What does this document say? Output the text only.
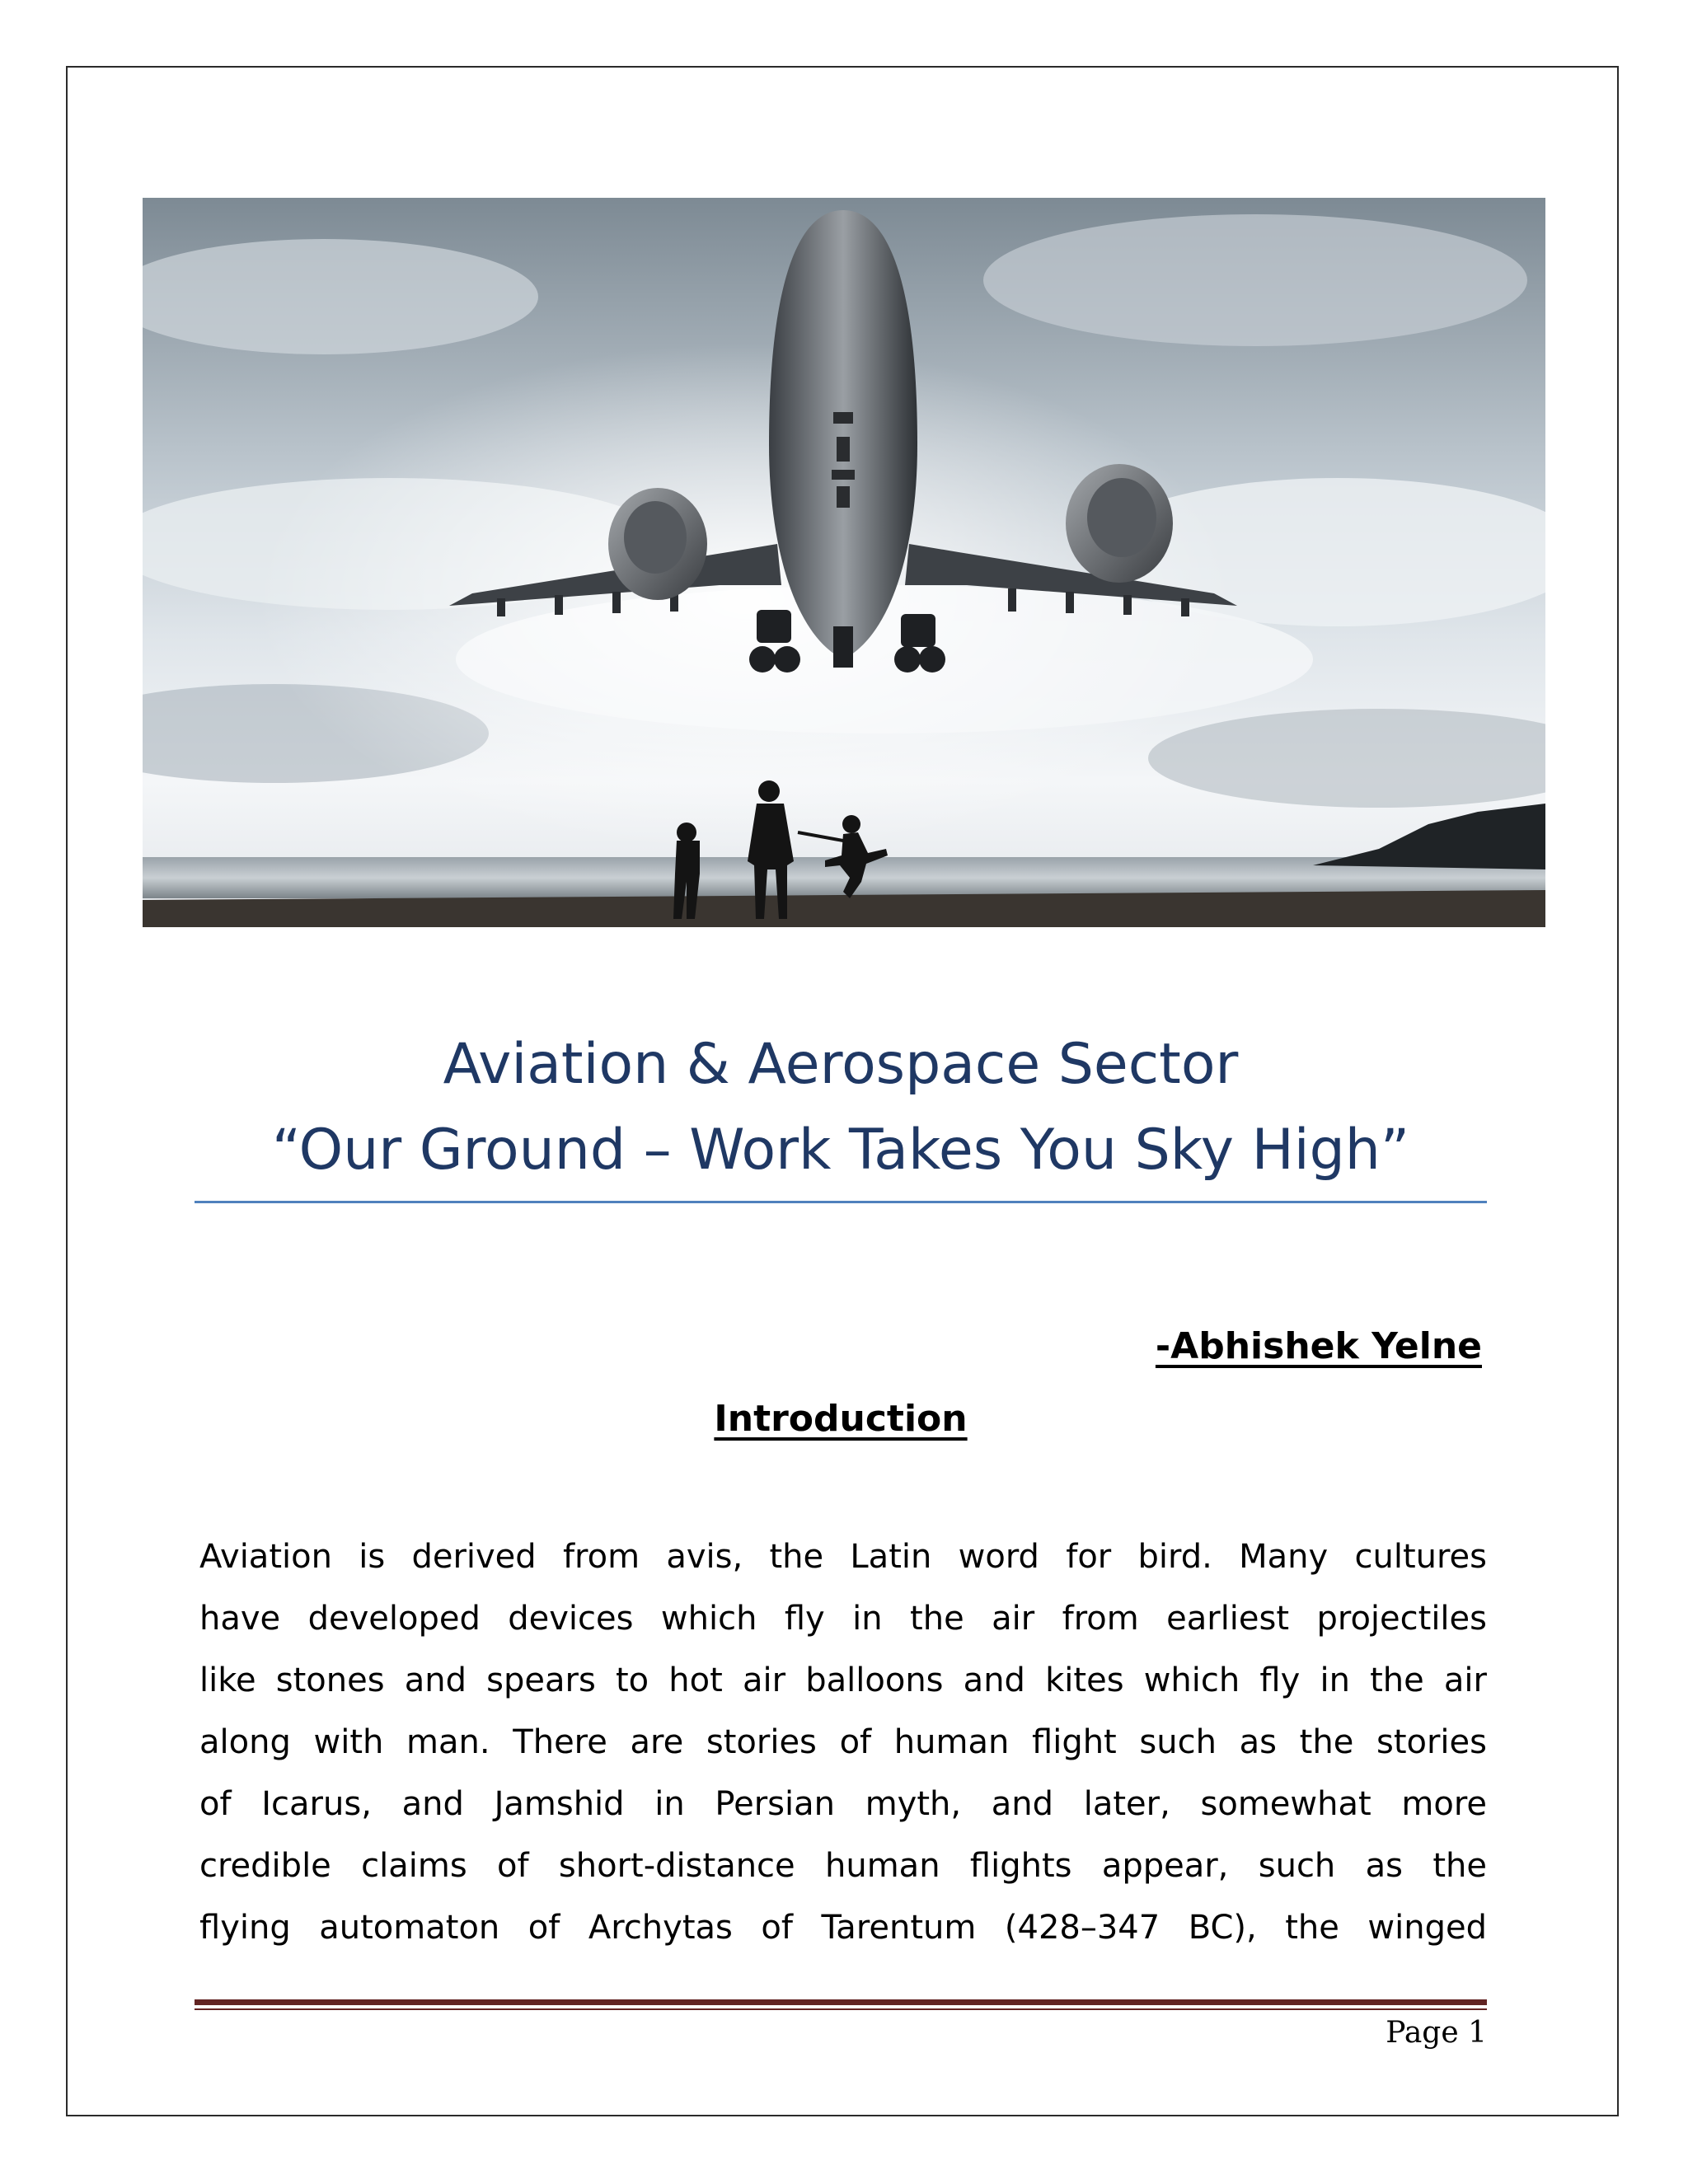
Aviation & Aerospace Sector
“Our Ground – Work Takes You Sky High”
-Abhishek Yelne
Introduction
Aviation is derived from avis, the Latin word for bird. Many cultures
have developed devices which fly in the air from earliest projectiles
like stones and spears to hot air balloons and kites which fly in the air
along with man. There are stories of human flight such as the stories
of Icarus, and Jamshid in Persian myth, and later, somewhat more
credible claims of short-distance human flights appear, such as the
flying automaton of Archytas of Tarentum (428–347 BC), the winged
Page 1
